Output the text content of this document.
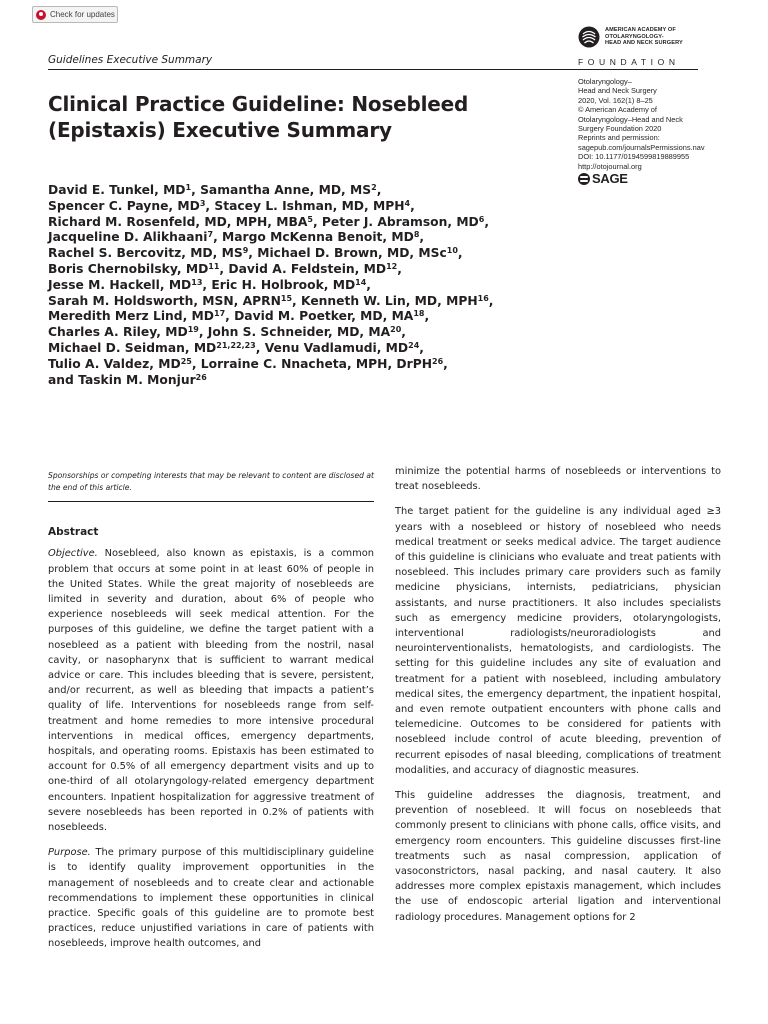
Check for updates
Guidelines Executive Summary
AMERICAN ACADEMY OF
OTOLARYNGOLOGY-
HEAD AND NECK SURGERY
FOUNDATION
Otolaryngology–
Head and Neck Surgery
2020, Vol. 162(1) 8–25
© American Academy of
Otolaryngology–Head and Neck
Surgery Foundation 2020
Reprints and permission:
sagepub.com/journalsPermissions.nav
DOI: 10.1177/0194599819889955
http://otojournal.org
SAGE
Clinical Practice Guideline: Nosebleed
(Epistaxis) Executive Summary
David E. Tunkel, $MD^1$, Samantha Anne, MD, $MS^2$,
Spencer C. Payne, $MD^3$, Stacey L. Ishman, MD, MPH$^4$,
Richard M. Rosenfeld, MD, MPH, MBA$^5$, Peter J. Abramson, $MD^6$,
Jacqueline D. Alikhaani$^7$, Margo McKenna Benoit, $MD^8$,
Rachel S. Bercovitz, MD, $MS^9$, Michael D. Brown, MD, MSc$^{10}$,
Boris Chernobilsky, MD$^{11}$, David A. Feldstein, MD$^{12}$,
Jesse M. Hackell, MD$^{13}$, Eric H. Holbrook, MD$^{14}$,
Sarah M. Holdsworth, MSN, APRN$^{15}$, Kenneth W. Lin, MD, MPH$^{16}$,
Meredith Merz Lind, MD$^{17}$, David M. Poetker, MD, MA$^{18}$,
Charles A. Riley, MD$^{19}$, John S. Schneider, MD, MA$^{20}$,
Michael D. Seidman, MD$^{21,22,23}$, Venu Vadlamudi, MD$^{24}$,
Tulio A. Valdez, MD$^{25}$, Lorraine C. Nnacheta, MPH, DrPH$^{26}$,
and Taskin M. Monjur$^{26}$

Sponsorships or competing interests that may be relevant to content are disclosed at the end of this article.

Abstract

Objective. Nosebleed, also known as epistaxis, is a common problem that occurs at some point in at least 60% of people in the United States. While the great majority of nosebleeds are limited in severity and duration, about 6% of people who experience nosebleeds will seek medical attention. For the purposes of this guideline, we define the target patient with a nosebleed as a patient with bleeding from the nostril, nasal cavity, or nasopharynx that is sufficient to warrant medical advice or care. This includes bleeding that is severe, persistent, and/or recurrent, as well as bleeding that impacts a patient’s quality of life. Interventions for nosebleeds range from self-treatment and home remedies to more intensive procedural interventions in medical offices, emergency departments, hospitals, and operating rooms. Epistaxis has been estimated to account for 0.5% of all emergency department visits and up to one-third of all otolaryngology-related emergency department encounters. Inpatient hospitalization for aggressive treatment of severe nosebleeds has been reported in 0.2% of patients with nosebleeds.

Purpose. The primary purpose of this multidisciplinary guideline is to identify quality improvement opportunities in the management of nosebleeds and to create clear and actionable recommendations to implement these opportunities in clinical practice. Specific goals of this guideline are to promote best practices, reduce unjustified variations in care of patients with nosebleeds, improve health outcomes, and

minimize the potential harms of nosebleeds or interventions to treat nosebleeds.

The target patient for the guideline is any individual aged ≥3 years with a nosebleed or history of nosebleed who needs medical treatment or seeks medical advice. The target audience of this guideline is clinicians who evaluate and treat patients with nosebleed. This includes primary care providers such as family medicine physicians, internists, pediatricians, physician assistants, and nurse practitioners. It also includes specialists such as emergency medicine providers, otolaryngologists, interventional radiologists/neuroradiologists and neurointerventionalists, hematologists, and cardiologists. The setting for this guideline includes any site of evaluation and treatment for a patient with nosebleed, including ambulatory medical sites, the emergency department, the inpatient hospital, and even remote outpatient encounters with phone calls and telemedicine. Outcomes to be considered for patients with nosebleed include control of acute bleeding, prevention of recurrent episodes of nasal bleeding, complications of treatment modalities, and accuracy of diagnostic measures.

This guideline addresses the diagnosis, treatment, and prevention of nosebleed. It will focus on nosebleeds that commonly present to clinicians with phone calls, office visits, and emergency room encounters. This guideline discusses first-line treatments such as nasal compression, application of vasoconstrictors, nasal packing, and nasal cautery. It also addresses more complex epistaxis management, which includes the use of endoscopic arterial ligation and interventional radiology procedures. Management options for 2
